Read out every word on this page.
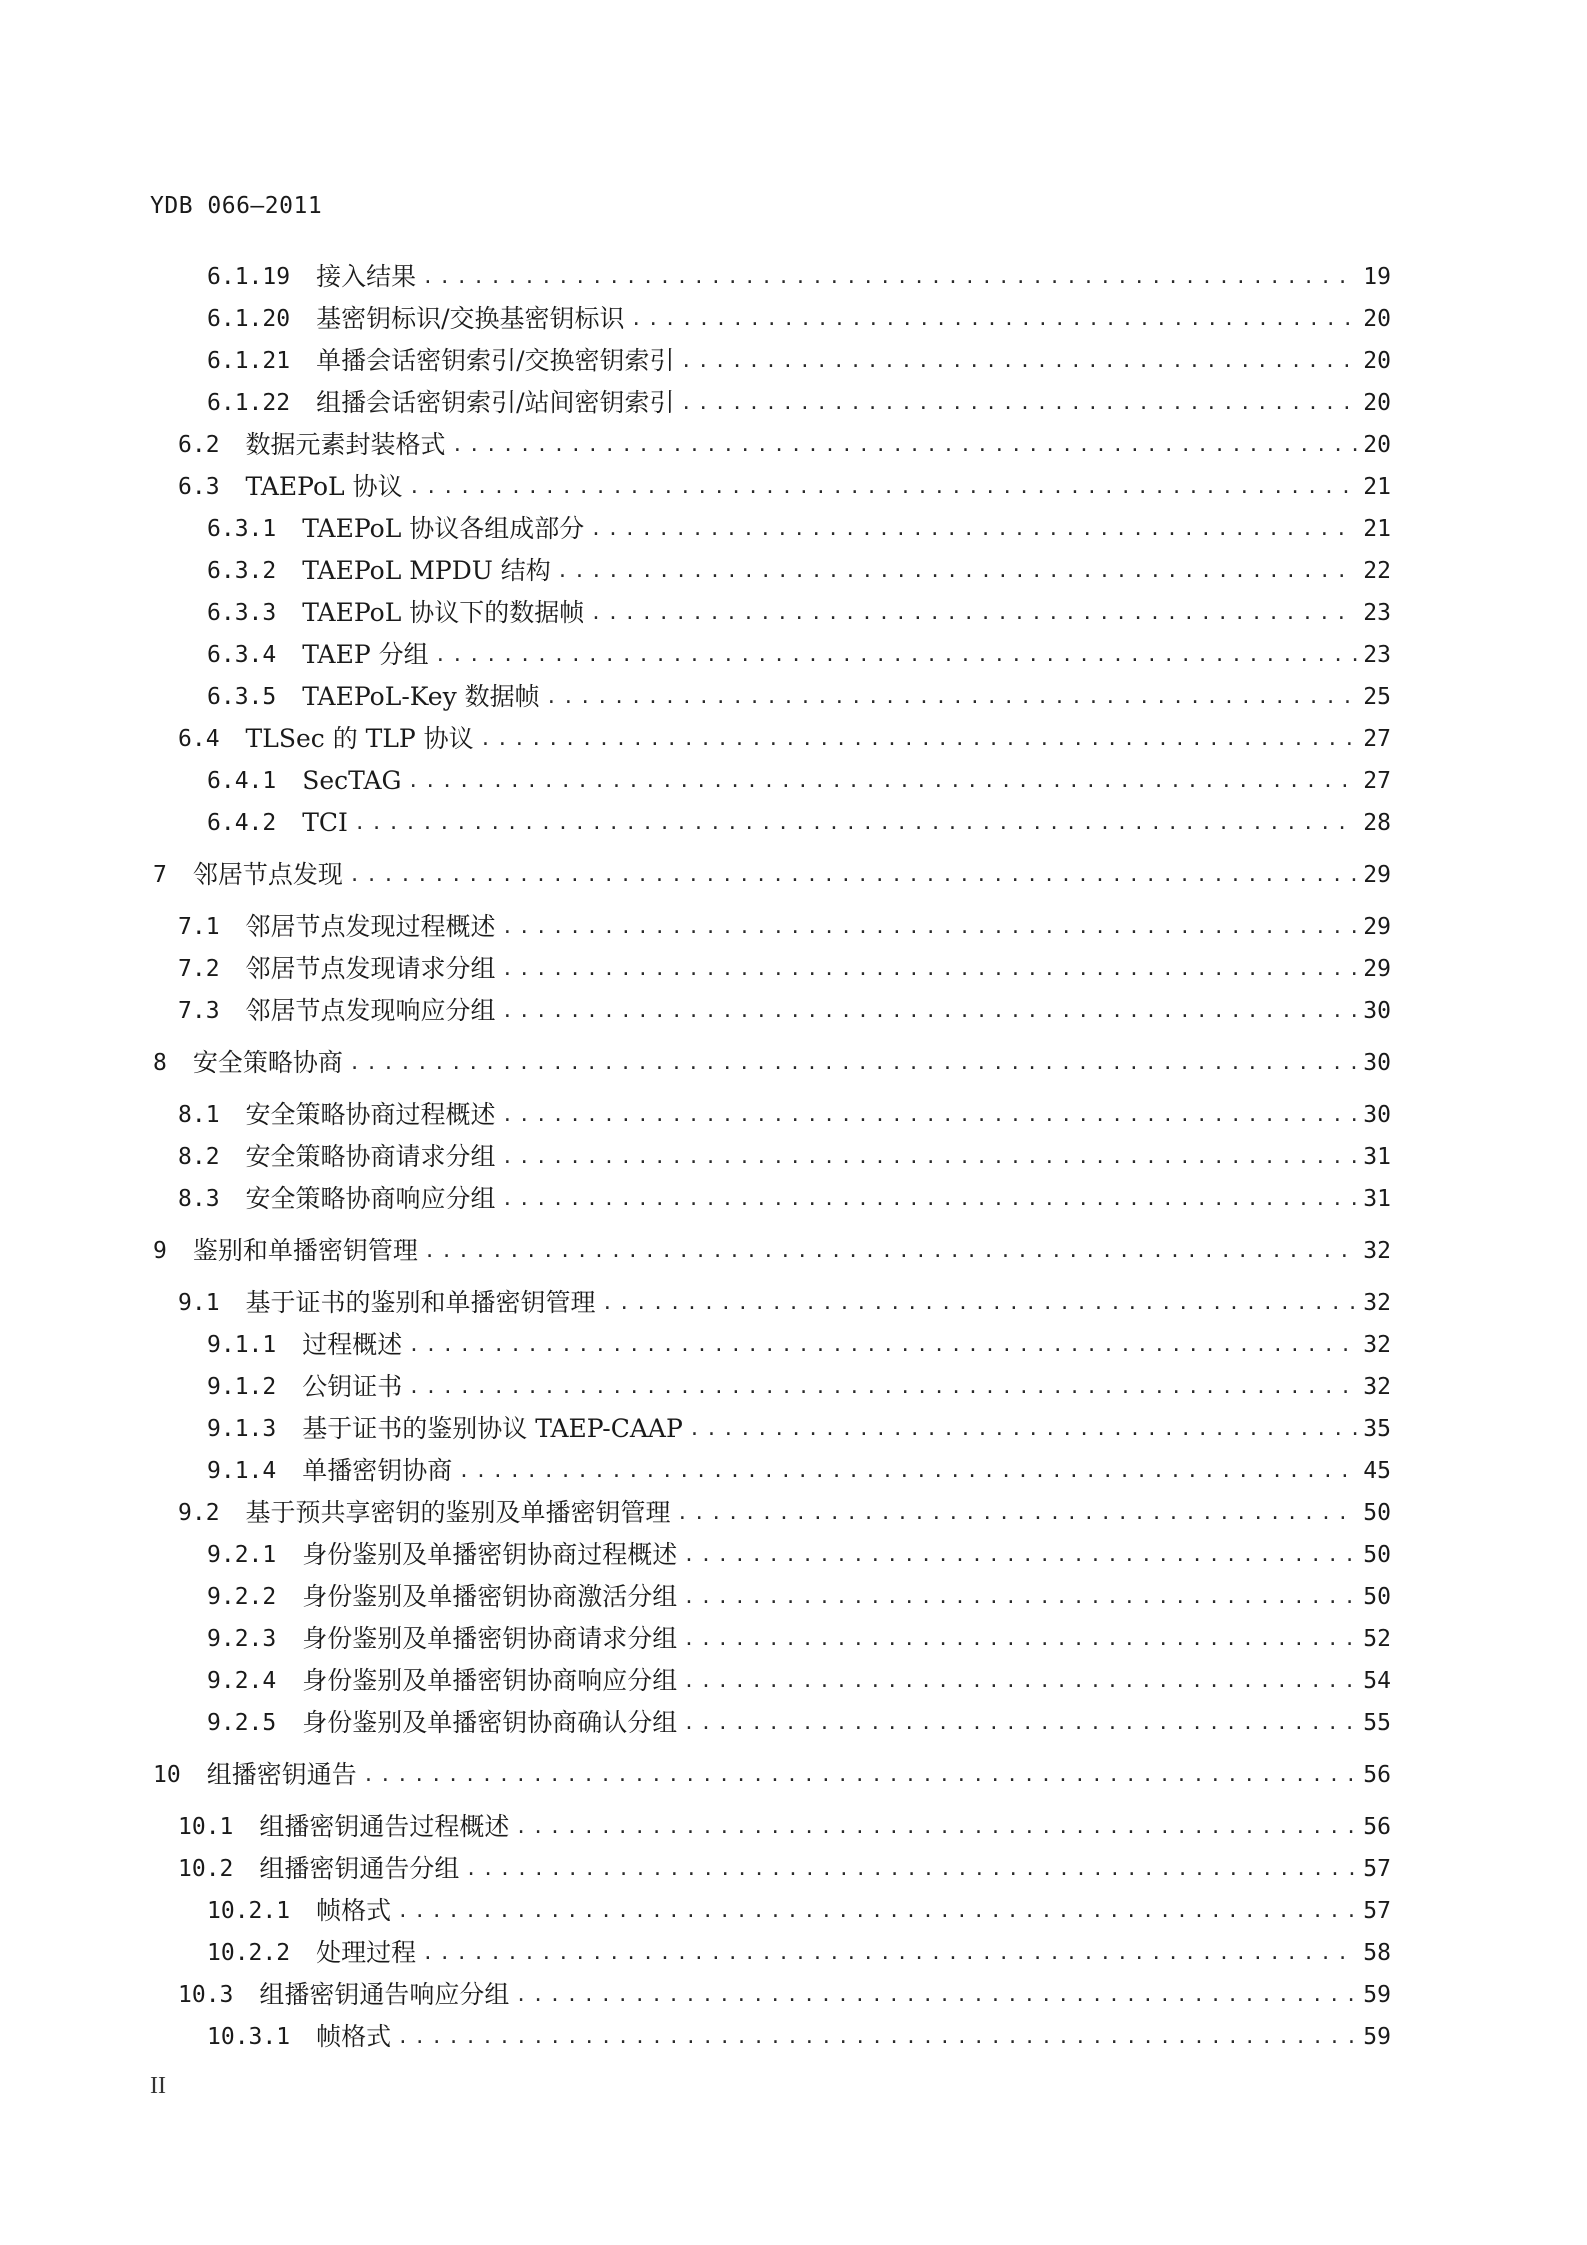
YDB 066—2011
6.1.19 接入结果 .....	19
6.1.20 基密钥标识/交换基密钥标识 .....	20
6.1.21 单播会话密钥索引/交换密钥索引 .....	20
6.1.22 组播会话密钥索引/站间密钥索引 .....	20
6.2 数据元素封装格式 .....	20
6.3 TAEPoL 协议 .....	21
6.3.1 TAEPoL 协议各组成部分 .....	21
6.3.2 TAEPoL MPDU 结构 .....	22
6.3.3 TAEPoL 协议下的数据帧 .....	23
6.3.4 TAEP 分组 .....	23
6.3.5 TAEPoL-Key 数据帧 .....	25
6.4 TLSec 的 TLP 协议 .....	27
6.4.1 SecTAG .....	27
6.4.2 TCI .....	28
7 邻居节点发现 .....	29
7.1 邻居节点发现过程概述 .....	29
7.2 邻居节点发现请求分组 .....	29
7.3 邻居节点发现响应分组 .....	30
8 安全策略协商 .....	30
8.1 安全策略协商过程概述 .....	30
8.2 安全策略协商请求分组 .....	31
8.3 安全策略协商响应分组 .....	31
9 鉴别和单播密钥管理 .....	32
9.1 基于证书的鉴别和单播密钥管理 .....	32
9.1.1 过程概述 .....	32
9.1.2 公钥证书 .....	32
9.1.3 基于证书的鉴别协议 TAEP-CAAP .....	35
9.1.4 单播密钥协商 .....	45
9.2 基于预共享密钥的鉴别及单播密钥管理 .....	50
9.2.1 身份鉴别及单播密钥协商过程概述 .....	50
9.2.2 身份鉴别及单播密钥协商激活分组 .....	50
9.2.3 身份鉴别及单播密钥协商请求分组 .....	52
9.2.4 身份鉴别及单播密钥协商响应分组 .....	54
9.2.5 身份鉴别及单播密钥协商确认分组 .....	55
10 组播密钥通告 .....	56
10.1 组播密钥通告过程概述 .....	56
10.2 组播密钥通告分组 .....	57
10.2.1 帧格式 .....	57
10.2.2 处理过程 .....	58
10.3 组播密钥通告响应分组 .....	59
10.3.1 帧格式 .....	59
II
